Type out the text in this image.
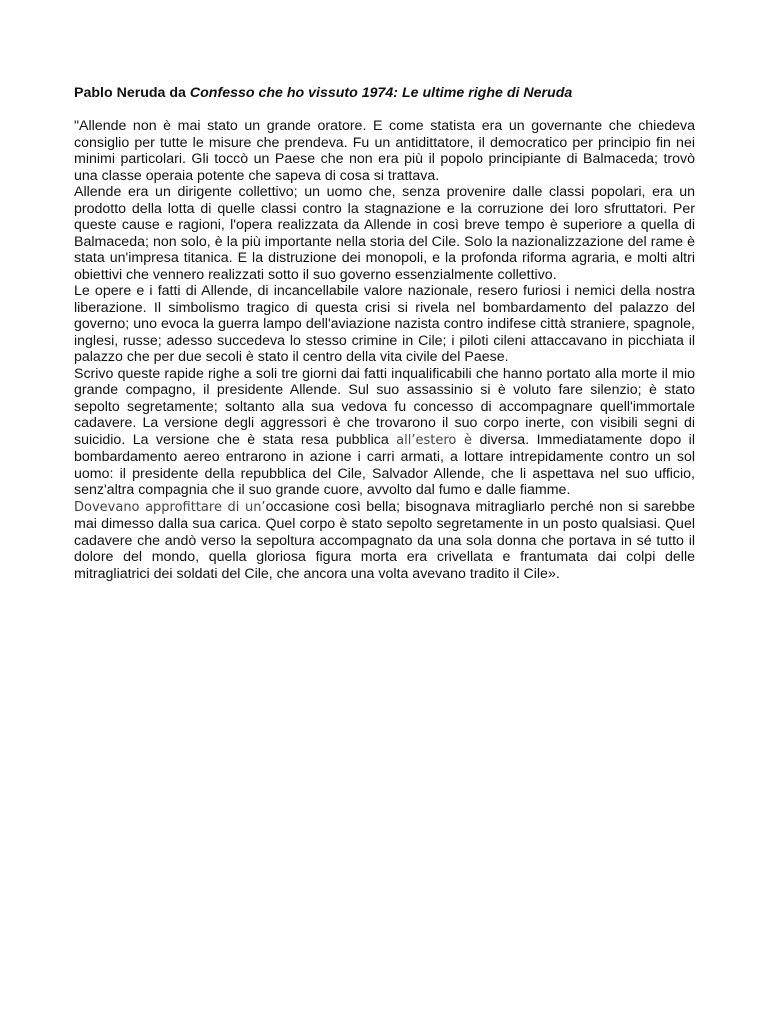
Pablo Neruda da Confesso che ho vissuto 1974: Le ultime righe di Neruda

"Allende non è mai stato un grande oratore. E come statista era un governante che chiedeva consiglio per tutte le misure che prendeva. Fu un antidittatore, il democratico per principio fin nei minimi particolari. Gli toccò un Paese che non era più il popolo principiante di Balmaceda; trovò una classe operaia potente che sapeva di cosa si trattava.

Allende era un dirigente collettivo; un uomo che, senza provenire dalle classi popolari, era un prodotto della lotta di quelle classi contro la stagnazione e la corruzione dei loro sfruttatori. Per queste cause e ragioni, l'opera realizzata da Allende in così breve tempo è superiore a quella di Balmaceda; non solo, è la più importante nella storia del Cile. Solo la nazionalizzazione del rame è stata un'impresa titanica. E la distruzione dei monopoli, e la profonda riforma agraria, e molti altri obiettivi che vennero realizzati sotto il suo governo essenzialmente collettivo.

Le opere e i fatti di Allende, di incancellabile valore nazionale, resero furiosi i nemici della nostra liberazione. Il simbolismo tragico di questa crisi si rivela nel bombardamento del palazzo del governo; uno evoca la guerra lampo dell'aviazione nazista contro indifese città straniere, spagnole, inglesi, russe; adesso succedeva lo stesso crimine in Cile; i piloti cileni attaccavano in picchiata il palazzo che per due secoli è stato il centro della vita civile del Paese.

Scrivo queste rapide righe a soli tre giorni dai fatti inqualificabili che hanno portato alla morte il mio grande compagno, il presidente Allende. Sul suo assassinio si è voluto fare silenzio; è stato sepolto segretamente; soltanto alla sua vedova fu concesso di accompagnare quell'immortale cadavere. La versione degli aggressori è che trovarono il suo corpo inerte, con visibili segni di suicidio. La versione che è stata resa pubblica all’estero è diversa. Immediatamente dopo il bombardamento aereo entrarono in azione i carri armati, a lottare intrepidamente contro un sol uomo: il presidente della repubblica del Cile, Salvador Allende, che li aspettava nel suo ufficio, senz'altra compagnia che il suo grande cuore, avvolto dal fumo e dalle fiamme.

Dovevano approfittare di un’occasione così bella; bisognava mitragliarlo perché non si sarebbe mai dimesso dalla sua carica. Quel corpo è stato sepolto segretamente in un posto qualsiasi. Quel cadavere che andò verso la sepoltura accompagnato da una sola donna che portava in sé tutto il dolore del mondo, quella gloriosa figura morta era crivellata e frantumata dai colpi delle mitragliatrici dei soldati del Cile, che ancora una volta avevano tradito il Cile».
